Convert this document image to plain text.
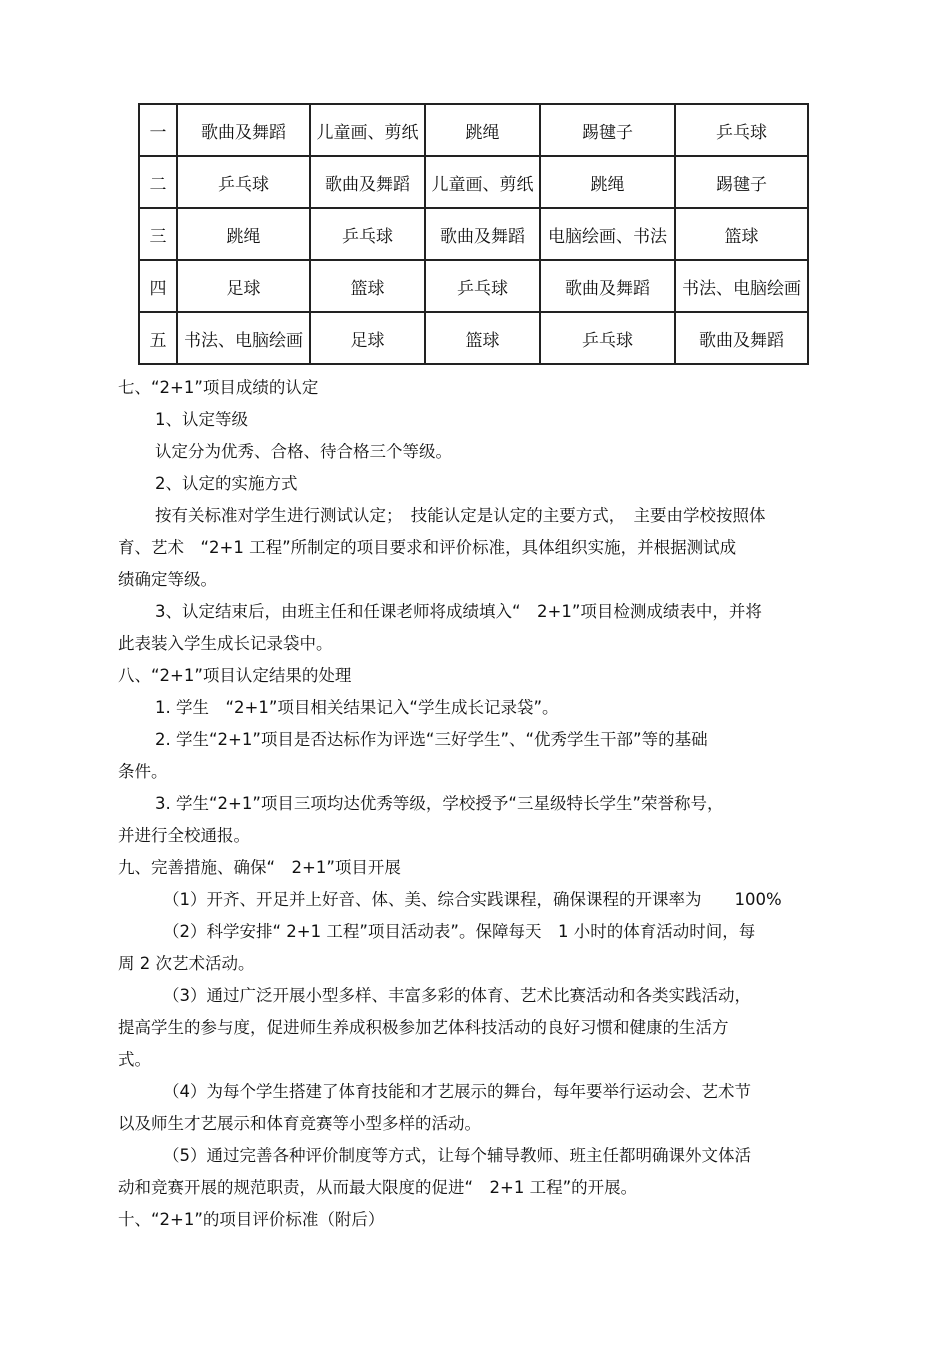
一	歌曲及舞蹈	儿童画、剪纸	跳绳	踢毽子	乒乓球
二	乒乓球	歌曲及舞蹈	儿童画、剪纸	跳绳	踢毽子
三	跳绳	乒乓球	歌曲及舞蹈	电脑绘画、书法	篮球
四	足球	篮球	乒乓球	歌曲及舞蹈	书法、电脑绘画
五	书法、电脑绘画	足球	篮球	乒乓球	歌曲及舞蹈

七、“2+1”项目成绩的认定

1、认定等级

认定分为优秀、合格、待合格三个等级。

2、认定的实施方式

按有关标准对学生进行测试认定；　技能认定是认定的主要方式，　主要由学校按照体

育、艺术　“2+1 工程”所制定的项目要求和评价标准，具体组织实施，并根据测试成

绩确定等级。

3、认定结束后，由班主任和任课老师将成绩填入“　2+1”项目检测成绩表中，并将

此表装入学生成长记录袋中。

八、“2+1”项目认定结果的处理

1. 学生　“2+1”项目相关结果记入“学生成长记录袋”。

2. 学生“2+1”项目是否达标作为评选“三好学生”、“优秀学生干部”等的基础

条件。

3. 学生“2+1”项目三项均达优秀等级，学校授予“三星级特长学生”荣誉称号，

并进行全校通报。

九、完善措施、确保“　2+1”项目开展

（1）开齐、开足并上好音、体、美、综合实践课程，确保课程的开课率为　　100%

（2）科学安排“ 2+1 工程”项目活动表”。保障每天　1 小时的体育活动时间，每

周 2 次艺术活动。

（3）通过广泛开展小型多样、丰富多彩的体育、艺术比赛活动和各类实践活动，

提高学生的参与度，促进师生养成积极参加艺体科技活动的良好习惯和健康的生活方

式。

（4）为每个学生搭建了体育技能和才艺展示的舞台，每年要举行运动会、艺术节

以及师生才艺展示和体育竞赛等小型多样的活动。

（5）通过完善各种评价制度等方式，让每个辅导教师、班主任都明确课外文体活

动和竞赛开展的规范职责，从而最大限度的促进“　2+1 工程”的开展。

十、“2+1”的项目评价标准（附后）
